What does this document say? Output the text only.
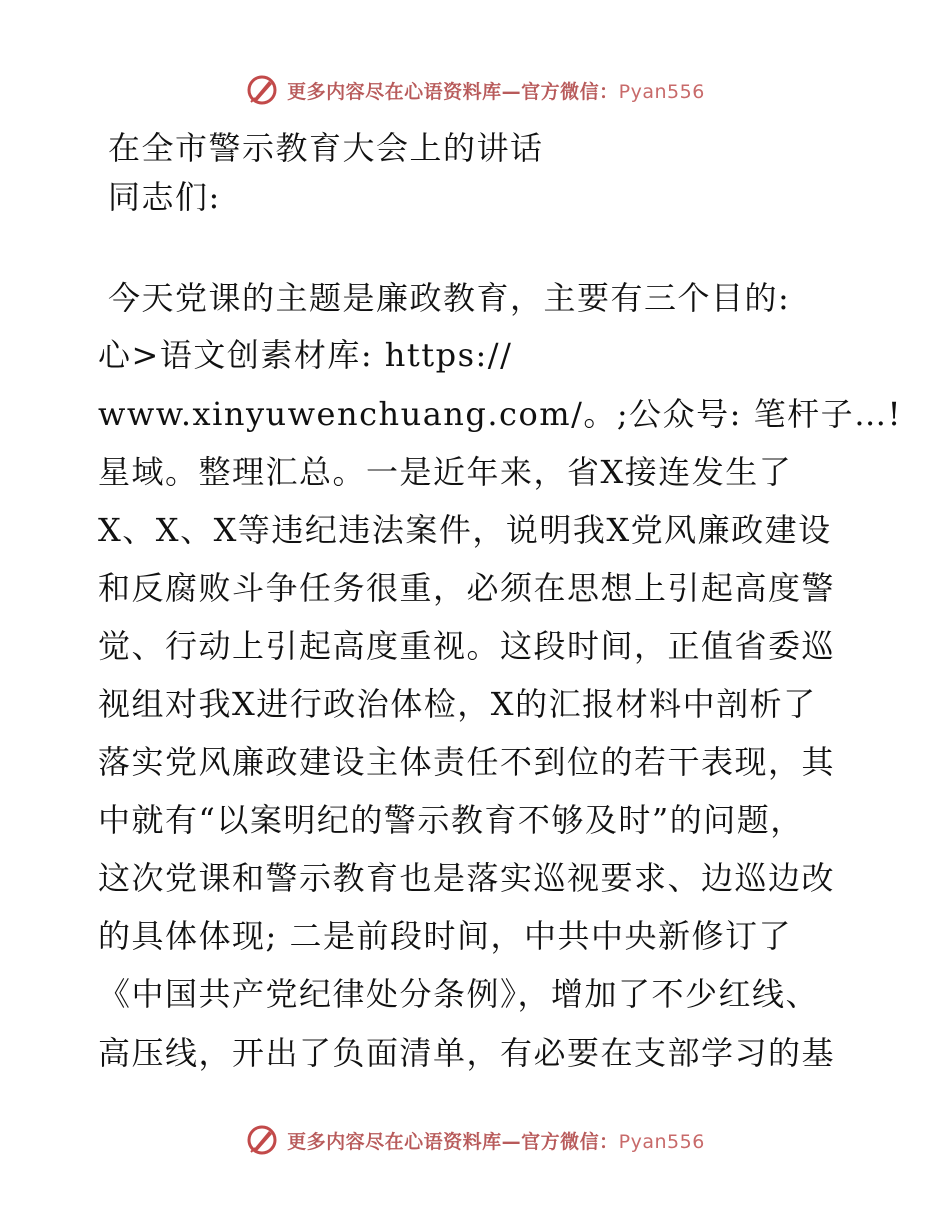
更多内容尽在心语资料库—官方微信：Pyan556
在全市警示教育大会上的讲话
同志们:
今天党课的主题是廉政教育，主要有三个目的:
心>语文创素材库: https://
www.xinyuwenchuang.com/。;公众号: 笔杆子…!
星域。整理汇总。一是近年来，省X接连发生了
X、X、X等违纪违法案件，说明我X党风廉政建设
和反腐败斗争任务很重，必须在思想上引起高度警
觉、行动上引起高度重视。这段时间，正值省委巡
视组对我X进行政治体检，X的汇报材料中剖析了
落实党风廉政建设主体责任不到位的若干表现，其
中就有“以案明纪的警示教育不够及时”的问题，
这次党课和警示教育也是落实巡视要求、边巡边改
的具体体现; 二是前段时间，中共中央新修订了
《中国共产党纪律处分条例》，增加了不少红线、
高压线，开出了负面清单，有必要在支部学习的基
更多内容尽在心语资料库—官方微信：Pyan556
